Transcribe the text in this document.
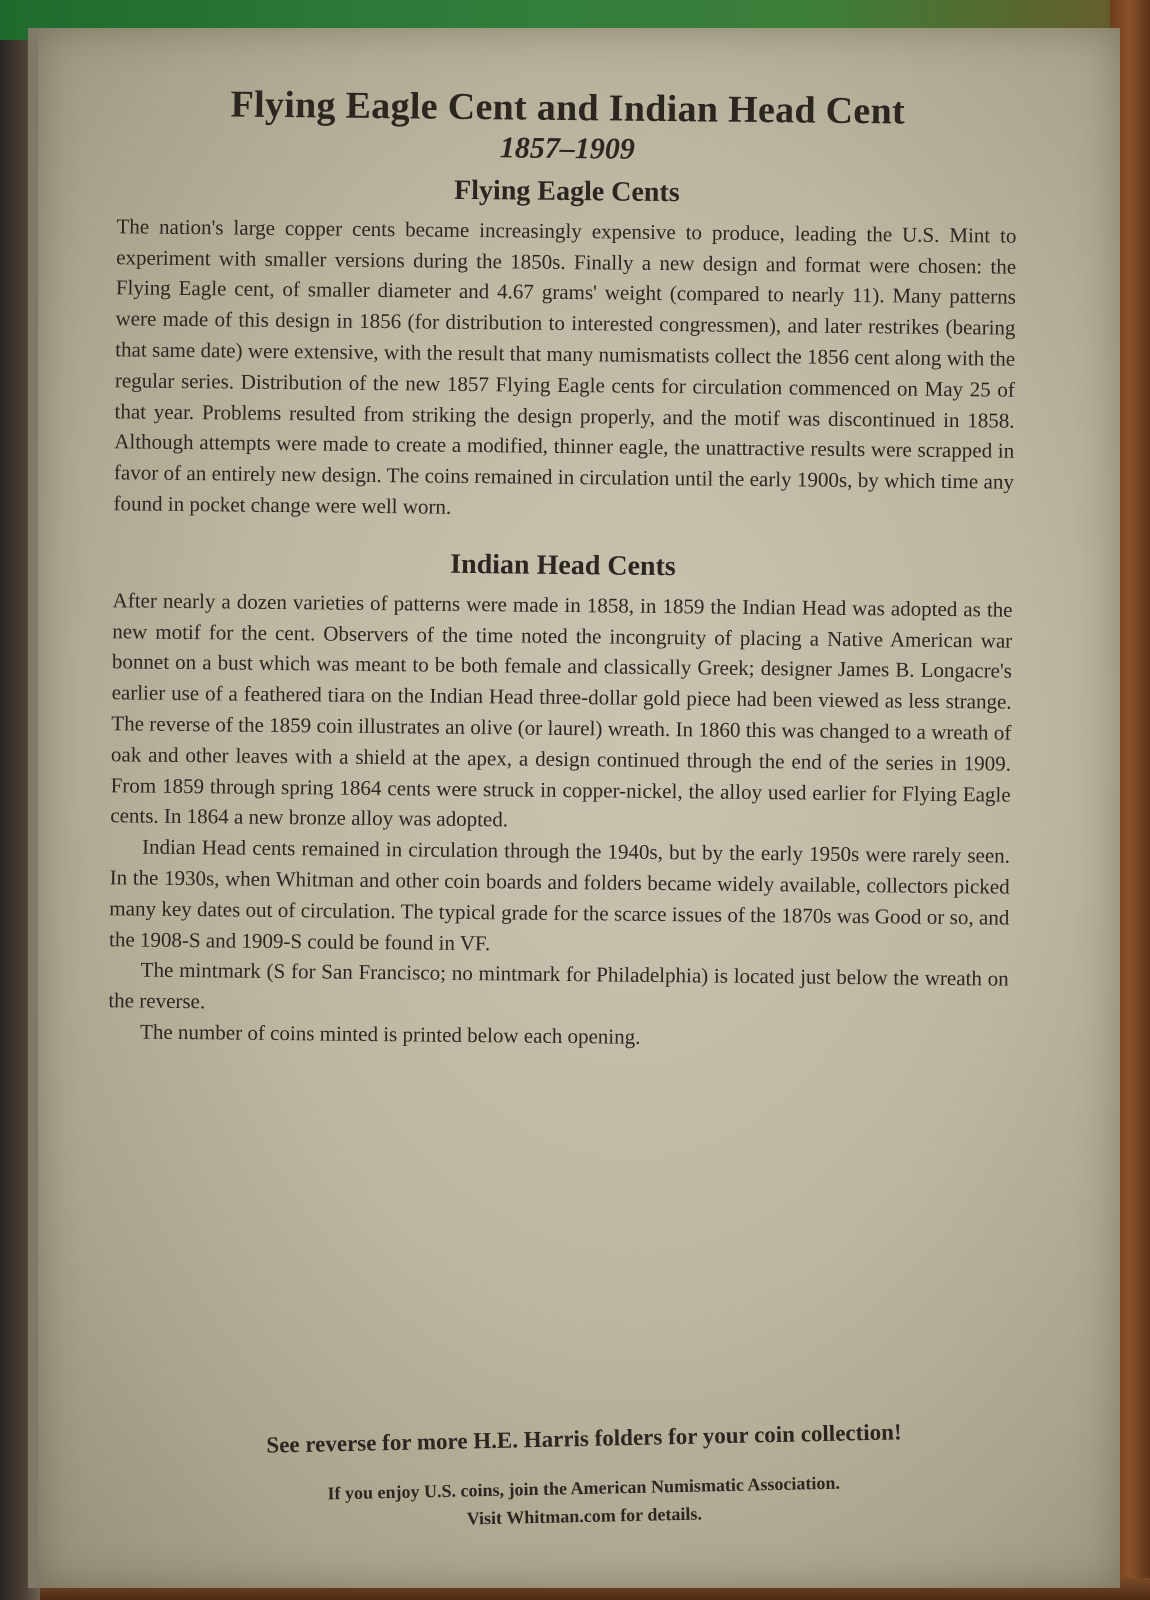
Flying Eagle Cent and Indian Head Cent
1857–1909
Flying Eagle Cents

The nation's large copper cents became increasingly expensive to produce, leading the U.S. Mint to experiment with smaller versions during the 1850s. Finally a new design and format were chosen: the Flying Eagle cent, of smaller diameter and 4.67 grams' weight (compared to nearly 11). Many patterns were made of this design in 1856 (for distribution to interested congressmen), and later restrikes (bearing that same date) were extensive, with the result that many numismatists collect the 1856 cent along with the regular series. Distribution of the new 1857 Flying Eagle cents for circulation commenced on May 25 of that year. Problems resulted from striking the design properly, and the motif was discontinued in 1858. Although attempts were made to create a modified, thinner eagle, the unattractive results were scrapped in favor of an entirely new design. The coins remained in circulation until the early 1900s, by which time any found in pocket change were well worn.

Indian Head Cents

After nearly a dozen varieties of patterns were made in 1858, in 1859 the Indian Head was adopted as the new motif for the cent. Observers of the time noted the incongruity of placing a Native American war bonnet on a bust which was meant to be both female and classically Greek; designer James B. Longacre's earlier use of a feathered tiara on the Indian Head three-dollar gold piece had been viewed as less strange. The reverse of the 1859 coin illustrates an olive (or laurel) wreath. In 1860 this was changed to a wreath of oak and other leaves with a shield at the apex, a design continued through the end of the series in 1909. From 1859 through spring 1864 cents were struck in copper-nickel, the alloy used earlier for Flying Eagle cents. In 1864 a new bronze alloy was adopted.

Indian Head cents remained in circulation through the 1940s, but by the early 1950s were rarely seen. In the 1930s, when Whitman and other coin boards and folders became widely available, collectors picked many key dates out of circulation. The typical grade for the scarce issues of the 1870s was Good or so, and the 1908-S and 1909-S could be found in VF.

The mintmark (S for San Francisco; no mintmark for Philadelphia) is located just below the wreath on the reverse.

The number of coins minted is printed below each opening.

See reverse for more H.E. Harris folders for your coin collection!
If you enjoy U.S. coins, join the American Numismatic Association.
Visit Whitman.com for details.
